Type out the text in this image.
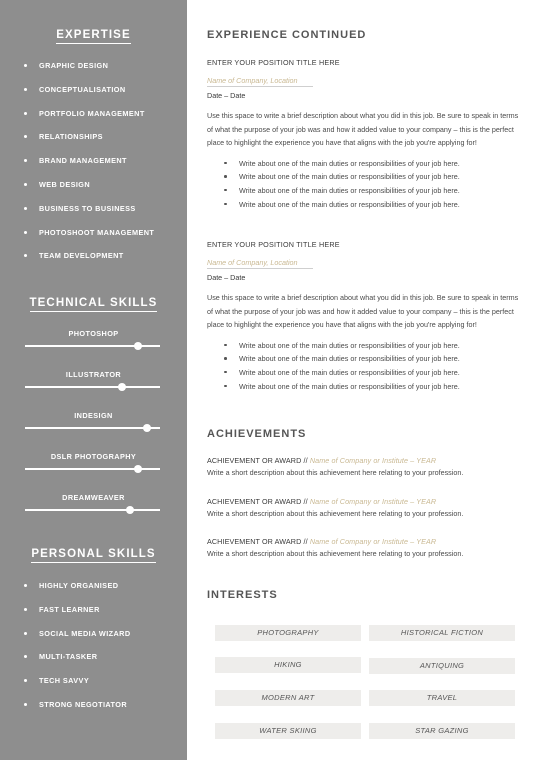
EXPERTISE
GRAPHIC DESIGN
CONCEPTUALISATION
PORTFOLIO MANAGEMENT
RELATIONSHIPS
BRAND MANAGEMENT
WEB DESIGN
BUSINESS TO BUSINESS
PHOTOSHOOT MANAGEMENT
TEAM DEVELOPMENT
TECHNICAL SKILLS
PHOTOSHOP
ILLUSTRATOR
INDESIGN
DSLR PHOTOGRAPHY
DREAMWEAVER
PERSONAL SKILLS
HIGHLY ORGANISED
FAST LEARNER
SOCIAL MEDIA WIZARD
MULTI-TASKER
TECH SAVVY
STRONG NEGOTIATOR
EXPERIENCE CONTINUED
ENTER YOUR POSITION TITLE HERE
Name of Company, Location
Date – Date
Use this space to write a brief description about what you did in this job. Be sure to speak in terms of what the purpose of your job was and how it added value to your company – this is the perfect place to highlight the experience you have that aligns with the job you're applying for!
Write about one of the main duties or responsibilities of your job here.
Write about one of the main duties or responsibilities of your job here.
Write about one of the main duties or responsibilities of your job here.
Write about one of the main duties or responsibilities of your job here.
ENTER YOUR POSITION TITLE HERE
Name of Company, Location
Date – Date
Use this space to write a brief description about what you did in this job. Be sure to speak in terms of what the purpose of your job was and how it added value to your company – this is the perfect place to highlight the experience you have that aligns with the job you're applying for!
Write about one of the main duties or responsibilities of your job here.
Write about one of the main duties or responsibilities of your job here.
Write about one of the main duties or responsibilities of your job here.
Write about one of the main duties or responsibilities of your job here.
ACHIEVEMENTS
ACHIEVEMENT OR AWARD // Name of Company or Institute – YEAR
Write a short description about this achievement here relating to your profession.
ACHIEVEMENT OR AWARD // Name of Company or Institute – YEAR
Write a short description about this achievement here relating to your profession.
ACHIEVEMENT OR AWARD // Name of Company or Institute – YEAR
Write a short description about this achievement here relating to your profession.
INTERESTS
PHOTOGRAPHY	HISTORICAL FICTION
HIKING	ANTIQUING
MODERN ART	TRAVEL
WATER SKIING	STAR GAZING
